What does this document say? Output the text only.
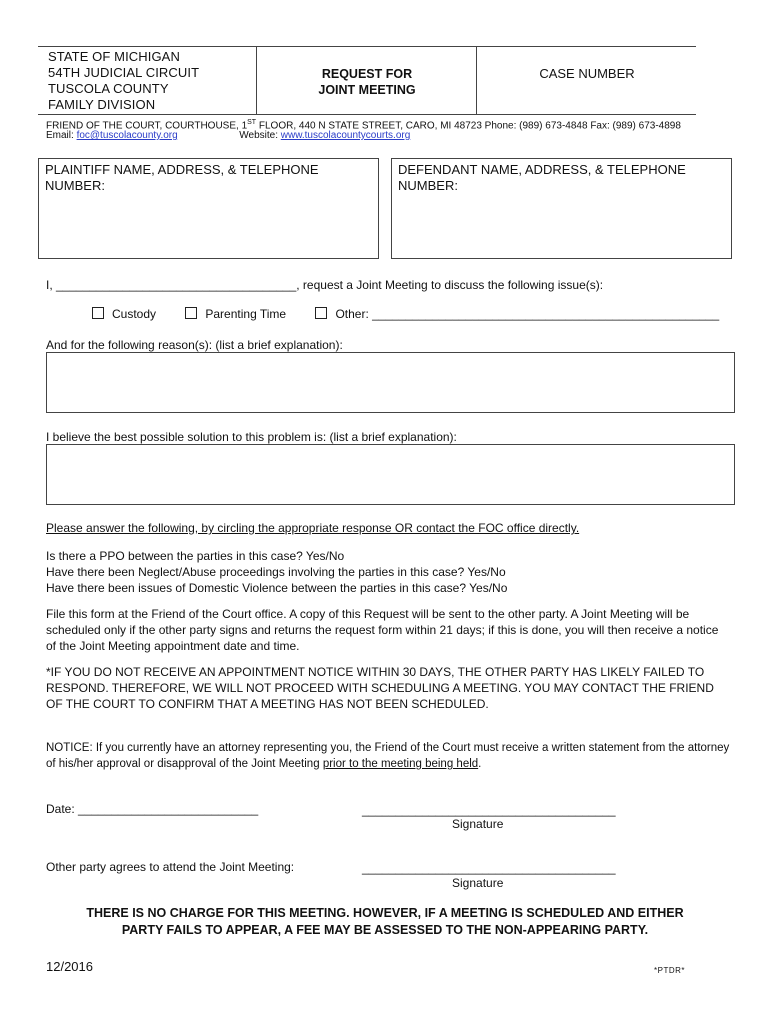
STATE OF MICHIGAN
54TH JUDICIAL CIRCUIT
TUSCOLA COUNTY
FAMILY DIVISION
REQUEST FOR
JOINT MEETING
CASE NUMBER
FRIEND OF THE COURT, COURTHOUSE, 1ST FLOOR, 440 N STATE STREET, CARO, MI 48723 Phone: (989) 673-4848 Fax: (989) 673-4898
Email: foc@tuscolacounty.org	Website: www.tuscolacountycourts.org
PLAINTIFF NAME, ADDRESS, & TELEPHONE NUMBER:
DEFENDANT NAME, ADDRESS, & TELEPHONE NUMBER:
I, ____________________________________, request a Joint Meeting to discuss the following issue(s):
Custody	Parenting Time	Other: ____________________________________________________
And for the following reason(s): (list a brief explanation):
I believe the best possible solution to this problem is: (list a brief explanation):
Please answer the following, by circling the appropriate response OR contact the FOC office directly.
Is there a PPO between the parties in this case? Yes/No
Have there been Neglect/Abuse proceedings involving the parties in this case? Yes/No
Have there been issues of Domestic Violence between the parties in this case? Yes/No
File this form at the Friend of the Court office. A copy of this Request will be sent to the other party. A Joint Meeting will be scheduled only if the other party signs and returns the request form within 21 days; if this is done, you will then receive a notice of the Joint Meeting appointment date and time.
*IF YOU DO NOT RECEIVE AN APPOINTMENT NOTICE WITHIN 30 DAYS, THE OTHER PARTY HAS LIKELY FAILED TO RESPOND. THEREFORE, WE WILL NOT PROCEED WITH SCHEDULING A MEETING. YOU MAY CONTACT THE FRIEND OF THE COURT TO CONFIRM THAT A MEETING HAS NOT BEEN SCHEDULED.
NOTICE: If you currently have an attorney representing you, the Friend of the Court must receive a written statement from the attorney of his/her approval or disapproval of the Joint Meeting prior to the meeting being held.
Date: ___________________________	______________________________________
Signature
Other party agrees to attend the Joint Meeting:	______________________________________
Signature
THERE IS NO CHARGE FOR THIS MEETING. HOWEVER, IF A MEETING IS SCHEDULED AND EITHER
PARTY FAILS TO APPEAR, A FEE MAY BE ASSESSED TO THE NON-APPEARING PARTY.
12/2016	*PTDR*
